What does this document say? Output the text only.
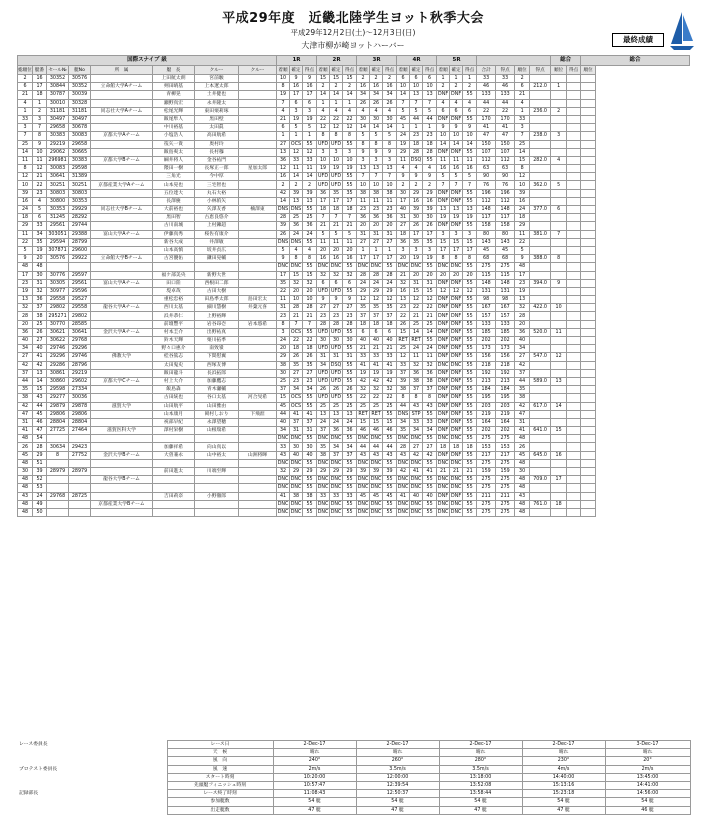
平成29年度　近畿北陸学生ヨット秋季大会
平成29年12月2日(土)～12月3日(日)
大津市柳が崎ヨットハーバー
最終成績
国際スナイプ 級								1R			2R			3R			4R			5R							総合		総合
総順位	艇番	セール№	艇No	所　属	艇　長	クルー	クルー	着順	確定	得点	着順	確定	得点	着順	確定	得点	着順	確定	得点	着順	確定	得点	合計	得点	順位	得点	順位	得点	順位
2	16	30352	30576		上田航太朗	宮前駿		10	9	9	15	15	15	2	2	2	6	6	6	1	1	1	33	33	2				
6	17	30844	30352	立命館大学Aチーム	剣田晴基	上本遼太郎		8	16	16	2	2	2	16	16	16	10	10	10	2	2	2	46	46	6	212.0	1		
21	18	30787	30039		青柳晃	土井健也		19	17	17	14	14	14	34	34	34	14	13	13	DNF	DNF	55	133	133	21				
4	1	30010	30328		瀬野真宏	永井隆太		7	6	6	1	1	1	26	26	26	7	7	7	4	4	4	44	44	4				
1	2	31181	31181	同志社大学Aチーム	松尾光輝	東田栗莉琢		4	3	3	4	4	4	4	4	4	5	5	5	6	6	6	22	22	1	236.0	2		
33	3	30497	30497		飯尾隼人	黒田壁		21	19	19	22	22	22	30	30	30	45	44	44	DNF	DNF	55	170	170	33				
3	7	29658	30678		中川裕基	太田眞		6	5	5	12	12	12	14	14	14	1	1	1	9	9	9	41	41	3				
7	8	30383	30083	京都大学Aチーム	小塩浩人	高田航希		1	1	1	8	8	8	5	5	5	24	23	23	10	10	10	47	47	7	238.0	3		
25	9	29219	29658		筏矢一貴	奥村玲		27	OCS	55	UFD	UFD	55	8	8	8	19	18	18	14	14	14	150	150	25				
14	10	29062	30665		飯島爽太	長村穆		13	12	12	3	3	3	9	9	9	29	28	28	DNF	DNF	55	107	107	14				
11	11	296981	30383	京都大学Bチーム	綱井将人	金谷祐門		36	33	33	10	10	10	3	3	3	11	DSQ	55	11	11	11	112	112	15	282.0	4		
8	12	30083	29598		隈田一樹	長塚正一郎	星加太郎	12	11	11	19	19	19	13	13	13	4	4	4	16	16	16	63	63	8				
12	21	30641	31389		三角光	今中厚		16	14	14	UFD	UFD	55	7	7	7	9	9	9	5	5	5	90	90	12				
10	22	30251	30251	京都産業大学Aチーム	山本晃也	三宅智也		2	2	2	UFD	UFD	55	10	10	10	2	2	2	7	7	7	76	76	10	362.0	5		
39	23	30803	30803		五位達大	丸石大裕		42	39	39	36	35	35	38	38	38	30	29	29	DNF	DNF	55	196	196	39				
16	4	30800	30353		長澤慶	小林侑矢		14	13	13	17	17	17	11	11	11	17	16	16	DNF	DNF	55	112	112	16				
24	5	30353	29929	同志社大学Bチーム	大前裕也	矢澤友香	楠澤東	DNS	DNS	55	18	18	18	23	23	23	40	39	39	13	13	13	148	148	24	377.0	6		
18	6	31245	28292		黒田智	古恵良悠介		28	25	25	7	7	7	36	36	36	31	30	30	19	19	19	117	117	18				
29	33	29561	29744		古川南城	上村錬超		39	36	36	21	21	21	20	20	20	27	26	26	DNF	DNF	55	158	158	29				
11	34	303051	29388	富山大学Aチーム	伊藤真秀	桜佐有康介		26	24	24	5	5	5	31	31	31	18	17	17	3	3	3	80	80	11	381.0	7		
22	35	29594	28799		新谷大成	井澤敏		DNS	DNS	55	11	11	11	27	27	27	36	35	35	15	15	15	143	143	22				
5	19	307871	29600		山本高慎	坂井貞広		5	4	4	20	20	20	1	1	1	3	3	3	17	17	17	45	45	5				
9	20	30576	29922	立命館大学Bチーム	古宮優佑	鎌田晃輔		9	8	8	16	16	16	17	17	17	20	19	19	8	8	8	68	68	9	388.0	8		
48	48							DNC	DNC	55	DNC	DNC	55	DNC	DNC	55	DNC	DNC	55	DNC	DNC	55	275	275	48				
17	30	30776	29597		福ケ部美央	新野大世		17	15	15	32	32	32	28	28	28	21	20	20	20	20	20	115	115	17				
23	31	30305	29561	富山大学Aチーム	田口陸	西根田二郎		35	32	32	6	6	6	24	24	24	32	31	31	DNF	DNF	55	148	148	23	394.0	9		
19	32	30977	29596		堤卓哉	古田大樹		22	20	20	UFD	UFD	55	29	29	29	16	15	15	12	12	12	131	131	19				
13	36	29558	29527		重松忠裕	田島季太郎	島田宏太	11	10	10	9	9	9	12	12	12	13	12	12	DNF	DNF	55	98	98	13				
32	37	29802	29558	龍谷大学Aチーム	西川太基	細川慧樹	井葉元喜	31	28	28	27	27	27	35	35	35	23	22	22	DNF	DNF	55	167	167	32	422.0	10		
28	38	295271	29802		浜井恭仁	上野裕輝		23	21	21	23	23	23	37	37	37	22	21	21	DNF	DNF	55	157	157	28				
20	25	30770	28585		前壇豐平	岩谷昂壱	岩本悠希	8	7	7	28	28	28	18	18	18	26	25	25	DNF	DNF	55	133	133	20				
36	26	30621	30641	金沢大学Aチーム	村本圭介	出野祐真		3	OCS	55	UFD	UFD	55	6	6	6	15	14	14	DNF	DNF	55	185	185	36	520.0	11		
40	27	30622	29768		鈴木天輝	栗川拓季		24	22	22	30	30	30	40	40	40	RET	RET	55	DNF	DNF	55	202	202	40				
34	40	29746	29296		野々口惠介	南致嶺		20	18	18	UFD	UFD	55	21	21	21	25	24	24	DNF	DNF	55	173	173	34				
27	41	29296	29746	佛教大学	桂谷篤志	下間慰翼		29	26	26	31	31	31	33	33	33	12	11	11	DNF	DNF	55	156	156	27	547.0	12		
42	42	29286	28796		太田鬼史	西塚友博		38	35	35	34	DSQ	55	41	41	41	33	32	32	DNC	DNC	55	218	218	42				
37	13	30861	29219		飯田龍斗	長浜拓郎		30	27	27	UFD	UFD	55	19	19	19	37	36	36	DNF	DNF	55	192	192	37				
44	14	30860	29602	京都大学Cチーム	村上大介	加藤鷹志		25	23	23	UFD	UFD	55	42	42	42	39	38	38	DNF	DNF	55	213	213	44	589.0	13		
35	15	29598	27334		飯島森	青木瀬輔		37	34	34	26	26	26	32	32	32	38	37	37	DNF	DNF	55	184	184	35				
38	43	29277	30036		古田統也	谷口太基	河合旻希	15	OCS	55	UFD	UFD	55	22	22	22	8	8	8	DNF	DNF	55	195	195	38				
42	44	29879	29878	滋賀大学	山田航平	山田雅由		45	OCS	55	25	25	25	25	25	25	44	43	43	DNF	DNF	55	203	203	42	617.0	14		
47	45	29806	29806		山本康月	岡村しおり	下飛涯	44	41	41	13	13	13	RET	RET	55	DNS	STP	55	DNF	DNF	55	219	219	47				
31	46	28804	28804		祝部早紀	永澤望穂		40	37	37	24	24	24	15	15	15	34	33	33	DNF	DNF	55	164	164	31				
41	47	27725	27464	滋賀医科大学	澤村栄樹	山根瑞希		34	31	31	37	36	36	46	46	46	35	34	34	DNF	DNF	55	202	202	41	641.0	15		
48	54							DNC	DNC	55	DNC	DNC	55	DNC	DNC	55	DNC	DNC	55	DNC	DNC	55	275	275	48				
26	28	30634	29423		加藤祥希	向山真以		33	30	30	35	34	34	44	44	44	28	27	27	18	18	18	153	153	26				
45	29	8	27752	金沢大学Bチーム	大曽兼永	山中裕太	山洲将暉	43	40	40	38	37	37	43	43	43	43	42	42	DNF	DNF	55	217	217	45	645.0	16		
48	51							DNC	DNC	55	DNC	DNC	55	DNC	DNC	55	DNC	DNC	55	DNC	DNC	55	275	275	48				
30	39	28979	28979		前田進太	川端至輝		32	29	29	29	29	29	39	39	39	42	41	41	21	21	21	159	159	30				
48	52			龍谷大学Bチーム				DNC	DNC	55	DNC	DNC	55	DNC	DNC	55	DNC	DNC	55	DNC	DNC	55	275	275	48	709.0	17		
48	53							DNC	DNC	55	DNC	DNC	55	DNC	DNC	55	DNC	DNC	55	DNC	DNC	55	275	275	48				
43	24	29768	28725		吉田莉奈	小野徹郎		41	38	38	33	33	33	45	45	45	41	40	40	DNF	DNF	55	211	211	43				
48	49			京都産業大学Bチーム				DNC	DNC	55	DNC	DNC	55	DNC	DNC	55	DNC	DNC	55	DNC	DNC	55	275	275	48	761.0	18		
48	50							DNC	DNC	55	DNC	DNC	55	DNC	DNC	55	DNC	DNC	55	DNC	DNC	55	275	275	48				
レース委員長	レース日	2-Dec-17	2-Dec-17	2-Dec-17	2-Dec-17	3-Dec-17
	天　候	晴れ	晴れ	晴れ	晴れ	晴れ
	風　向	240°	260°	280°	230°	20°
プロテスト委員長	風　速	2m/s	3.5m/s	3.5m/s	4m/s	2m/s
	スタート時刻	10:20:00	12:00:00	13:18:00	14:40:00	13:45:00
	先頭艇フィニッシュ時刻	10:57:47	12:39:54	13:52:08	15:13:16	14:41:00
記録部長	レース終了時刻	11:08:43	12:50:37	13:58:44	15:23:18	14:56:00
	参加艇数	54 艇	54 艇	54 艇	54 艇	54 艇
	出走艇数	47 艇	47 艇	47 艇	47 艇	46 艇
